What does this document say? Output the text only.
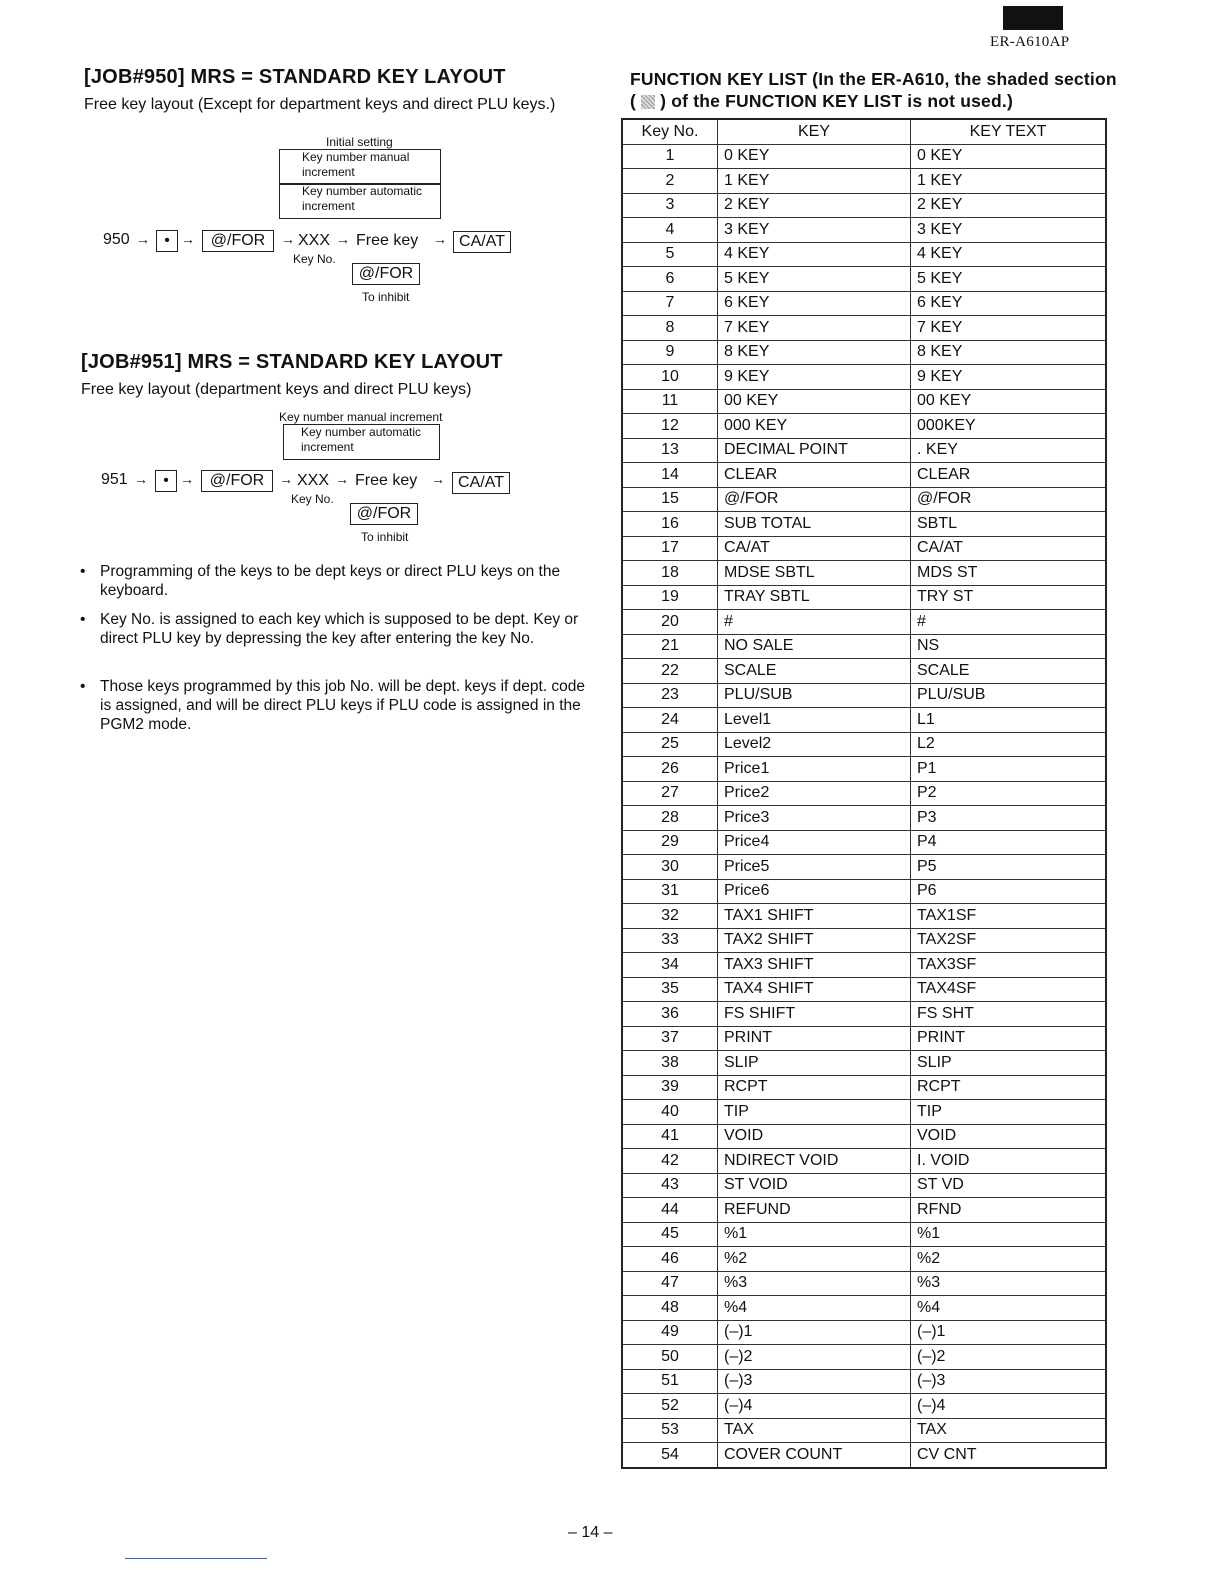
ER-A610AP
[JOB#950] MRS = STANDARD KEY LAYOUT
Free key layout (Except for department keys and direct PLU keys.)
Initial setting
Key number manual increment
Key number automatic increment
950 → • → @/FOR	→ XXX
Key No.
→ Free key
@/FOR
To inhibit
→ CA/AT
[JOB#951] MRS = STANDARD KEY LAYOUT
Free key layout (department keys and direct PLU keys)
Key number manual increment
Key number automatic increment
951 → • → @/FOR	→ XXX
Key No.
→ Free key
@/FOR
To inhibit
→ CA/AT
• Programming of the keys to be dept keys or direct PLU keys on the keyboard.
• Key No. is assigned to each key which is supposed to be dept. Key or direct PLU key by depressing the key after entering the key No.
• Those keys programmed by this job No. will be dept. keys if dept. code is assigned, and will be direct PLU keys if PLU code is assigned in the PGM2 mode.
FUNCTION KEY LIST (In the ER-A610, the shaded section
( ) of the FUNCTION KEY LIST is not used.)
Key No.	KEY	KEY TEXT
1	0 KEY	0 KEY
2	1 KEY	1 KEY
3	2 KEY	2 KEY
4	3 KEY	3 KEY
5	4 KEY	4 KEY
6	5 KEY	5 KEY
7	6 KEY	6 KEY
8	7 KEY	7 KEY
9	8 KEY	8 KEY
10	9 KEY	9 KEY
11	00 KEY	00 KEY
12	000 KEY	000KEY
13	DECIMAL POINT	. KEY
14	CLEAR	CLEAR
15	@/FOR	@/FOR
16	SUB TOTAL	SBTL
17	CA/AT	CA/AT
18	MDSE SBTL	MDS ST
19	TRAY SBTL	TRY ST
20	#	#
21	NO SALE	NS
22	SCALE	SCALE
23	PLU/SUB	PLU/SUB
24	Level1	L1
25	Level2	L2
26	Price1	P1
27	Price2	P2
28	Price3	P3
29	Price4	P4
30	Price5	P5
31	Price6	P6
32	TAX1 SHIFT	TAX1SF
33	TAX2 SHIFT	TAX2SF
34	TAX3 SHIFT	TAX3SF
35	TAX4 SHIFT	TAX4SF
36	FS SHIFT	FS SHT
37	PRINT	PRINT
38	SLIP	SLIP
39	RCPT	RCPT
40	TIP	TIP
41	VOID	VOID
42	NDIRECT VOID	I. VOID
43	ST VOID	ST VD
44	REFUND	RFND
45	%1	%1
46	%2	%2
47	%3	%3
48	%4	%4
49	(–)1	(–)1
50	(–)2	(–)2
51	(–)3	(–)3
52	(–)4	(–)4
53	TAX	TAX
54	COVER COUNT	CV CNT
– 14 –
